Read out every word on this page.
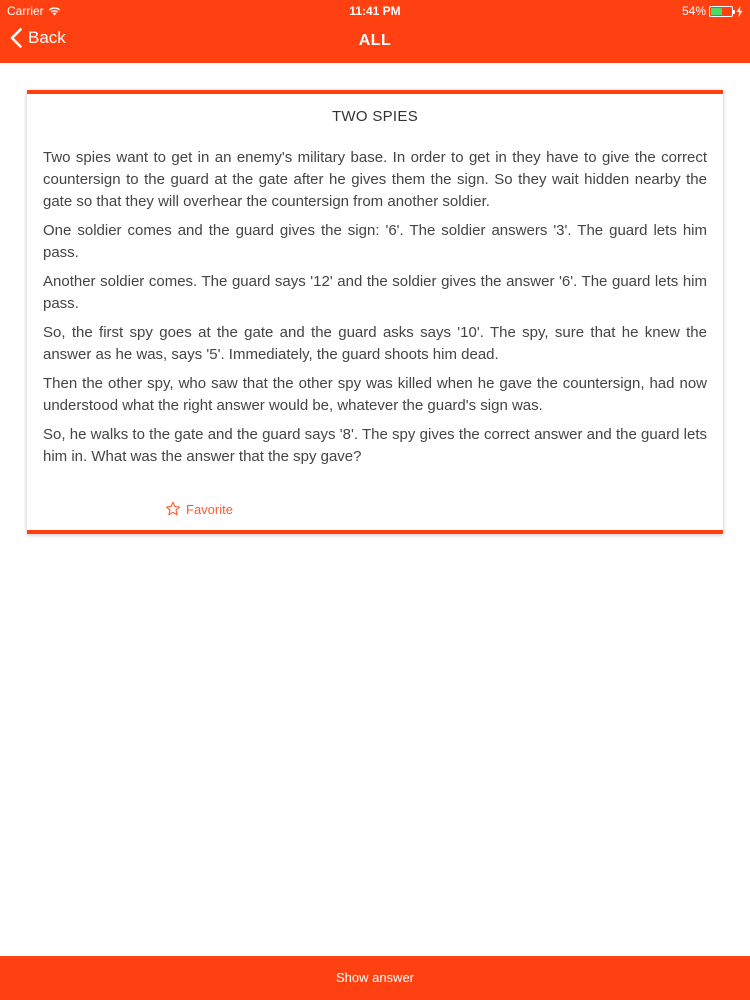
Carrier	11:41 PM	54%
Back	ALL
TWO SPIES

Two spies want to get in an enemy's military base. In order to get in they have to give the correct countersign to the guard at the gate after he gives them the sign. So they wait hidden nearby the gate so that they will overhear the countersign from another soldier.

One soldier comes and the guard gives the sign: '6'. The soldier answers '3'. The guard lets him pass.

Another soldier comes. The guard says '12' and the soldier gives the answer '6'. The guard lets him pass.

So, the first spy goes at the gate and the guard asks says '10'. The spy, sure that he knew the answer as he was, says '5'. Immediately, the guard shoots him dead.

Then the other spy, who saw that the other spy was killed when he gave the countersign, had now understood what the right answer would be, whatever the guard's sign was.

So, he walks to the gate and the guard says '8'. The spy gives the correct answer and the guard lets him in. What was the answer that the spy gave?

Favorite
Show answer
